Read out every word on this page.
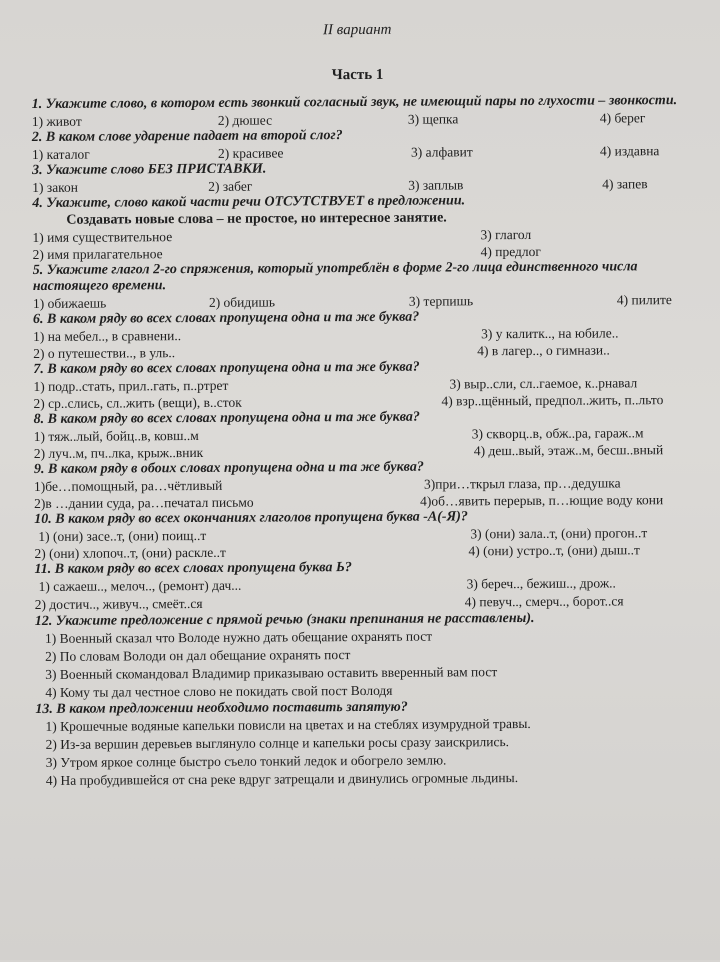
II вариант
Часть 1
1. Укажите слово, в котором есть звонкий согласный звук, не имеющий пары по глухости – звонкости.
1) живот	2) дюшес	3) щепка	4) берег
2. В каком слове ударение падает на второй слог?
1) каталог	2) красивее	3) алфавит	4) издавна
3. Укажите слово БЕЗ ПРИСТАВКИ.
1) закон	2) забег	3) заплыв	4) запев
4. Укажите, слово какой части речи ОТСУТСТВУЕТ в предложении.
Создавать новые слова – не простое, но интересное занятие.
1) имя существительное	3) глагол
2) имя прилагательное	4) предлог
5. Укажите глагол 2-го спряжения, который употреблён в форме 2-го лица единственного числа настоящего времени.
1) обижаешь	2) обидишь	3) терпишь	4) пилите
6. В каком ряду во всех словах пропущена одна и та же буква?
1) на мебел.., в сравнени..	3) у калитк.., на юбиле..
2) о путешестви.., в уль..	4) в лагер.., о гимнази..
7. В каком ряду во всех словах пропущена одна и та же буква?
1) подр..стать, прил..гать, п..ртрет	3) выр..сли, сл..гаемое, к..рнавал
2) ср..слись, сл..жить (вещи), в..сток	4) взр..щённый, предпол..жить, п..льто
8. В каком ряду во всех словах пропущена одна и та же буква?
1) тяж..лый, бойц..в, ковш..м	3) скворц..в, обж..ра, гараж..м
2) луч..м, пч..лка, крыж..вник	4) деш..вый, этаж..м, бесш..вный
9. В каком ряду в обоих словах пропущена одна и та же буква?
1)бе…помощный, ра…чётливый	3)при…ткрыл глаза, пр…дедушка
2)в …дании суда, ра…печатал письмо	4)об…явить перерыв, п…ющие воду кони
10. В каком ряду во всех окончаниях глаголов пропущена буква -А(-Я)?
1) (они) засе..т, (они) поищ..т	3) (они) зала..т, (они) прогон..т
2) (они) хлопоч..т, (они) раскле..т	4) (они) устро..т, (они) дыш..т
11. В каком ряду во всех словах пропущена буква Ь?
1) сажаеш.., мелоч.., (ремонт) дач...	3) береч.., бежиш.., дрож..
2) достич.., живуч.., смеёт..ся	4) певуч.., смерч.., борот..ся
12. Укажите предложение с прямой речью (знаки препинания не расставлены).
1) Военный сказал что Володе нужно дать обещание охранять пост
2) По словам Володи он дал обещание охранять пост
3) Военный скомандовал Владимир приказываю оставить вверенный вам пост
4) Кому ты дал честное слово не покидать свой пост Володя
13. В каком предложении необходимо поставить запятую?
1) Крошечные водяные капельки повисли на цветах и на стеблях изумрудной травы.
2) Из-за вершин деревьев выглянуло солнце и капельки росы сразу заискрились.
3) Утром яркое солнце быстро съело тонкий ледок и обогрело землю.
4) На пробудившейся от сна реке вдруг затрещали и двинулись огромные льдины.
